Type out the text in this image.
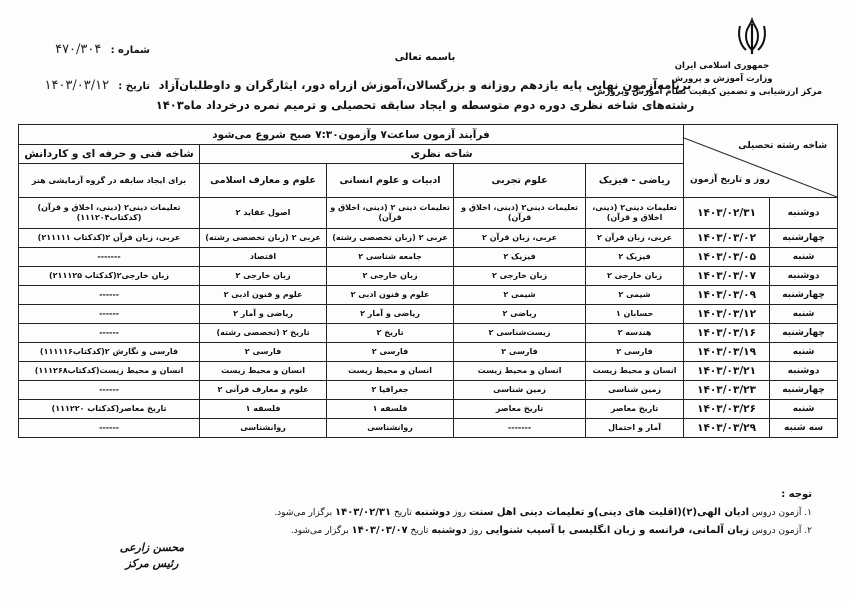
جمهوری اسلامی ایران
وزارت آموزش و پرورش
مرکز ارزشیابی و تضمین کیفیت نظام آموزش وپرورش
باسمه تعالی
برنامه‌آزمون نهایی پایه یازدهم روزانه و بزرگسالان،آموزش ازراه دور، ایثارگران و داوطلبان‌آزاد
رشته‌های شاخه نظری دوره دوم متوسطه و ایجاد سابقه تحصیلی و ترمیم نمره درخرداد ماه۱۴۰۳
شماره : ۴۷۰/۳۰۴
تاریخ : ۱۴۰۳/۰۳/۱۲
شاخه رشته تحصیلی
روز و تاریخ آزمون		فرآیند آزمون ساعت۷ وآزمون۷:۳۰ صبح شروع می‌شود				
		شاخه نظری				شاخه فنی و حرفه ای و کاردانش
		ریاضی - فیزیک	علوم تجربی	ادبیات و علوم انسانی	علوم و معارف اسلامی	برای ایجاد سابقه در گروه آزمایشی هنر
دوشنبه	۱۴۰۳/۰۲/۳۱	تعلیمات دینی۲ (دینی، اخلاق و قرآن)	تعلیمات دینی۲ (دینی، اخلاق و قرآن)	تعلیمات دینی ۲ (دینی، اخلاق و قرآن)	اصول عقاید ۲	تعلیمات دینی۲ (دینی، اخلاق و قرآن)(کدکتاب۱۱۱۲۰۴)
چهارشنبه	۱۴۰۳/۰۳/۰۲	عربی، زبان قرآن ۲	عربی، زبان قرآن ۲	عربی ۲ (زبان تخصصی رشته)	عربی ۲ (زبان تخصصی رشته)	عربی، زبان قرآن ۲(کدکتاب ۲۱۱۱۱۱)
شنبه	۱۴۰۳/۰۳/۰۵	فیزیک ۲	فیزیک ۲	جامعه شناسی ۲	اقتصاد	-------
دوشنبه	۱۴۰۳/۰۳/۰۷	زبان خارجی ۲	زبان خارجی ۲	زبان خارجی ۲	زبان خارجی ۲	زبان خارجی۲(کدکتاب ۲۱۱۱۲۵)
چهارشنبه	۱۴۰۳/۰۳/۰۹	شیمی ۲	شیمی ۲	علوم و فنون ادبی ۲	علوم و فنون ادبی ۲	------
شنبه	۱۴۰۳/۰۳/۱۲	حسابان ۱	ریاضی ۲	ریاضی و آمار ۲	ریاضی و آمار ۲	------
چهارشنبه	۱۴۰۳/۰۳/۱۶	هندسه ۲	زیست‌شناسی ۲	تاریخ ۲	تاریخ ۲ (تخصصی رشته)	------
شنبه	۱۴۰۳/۰۳/۱۹	فارسی ۲	فارسی ۲	فارسی ۲	فارسی ۲	فارسی و نگارش ۲(کدکتاب۱۱۱۱۱۶)
دوشنبه	۱۴۰۳/۰۳/۲۱	انسان و محیط زیست	انسان و محیط زیست	انسان و محیط زیست	انسان و محیط زیست	انسان و محیط زیست(کدکتاب۱۱۱۲۶۸)
چهارشنبه	۱۴۰۳/۰۳/۲۳	زمین شناسی	زمین شناسی	جغرافیا ۲	علوم و معارف قرآنی ۲	------
شنبه	۱۴۰۳/۰۳/۲۶	تاریخ معاصر	تاریخ معاصر	فلسفه ۱	فلسفه ۱	تاریخ معاصر(کدکتاب ۱۱۱۲۲۰)
سه شنبه	۱۴۰۳/۰۳/۲۹	آمار و احتمال	-------	روانشناسی	روانشناسی	------
توجه :
۱. آزمون دروس ادیان الهی(۲)(اقلیت های دینی)و تعلیمات دینی اهل سنت روز دوشنبه تاریخ ۱۴۰۳/۰۲/۳۱ برگزار می‌شود.
۲. آزمون دروس زبان آلمانی، فرانسه و زبان انگلیسی با آسیب شنوایی روز دوشنبه تاریخ ۱۴۰۳/۰۳/۰۷ برگزار می‌شود.
محسن زارعی
رئیس مرکز
